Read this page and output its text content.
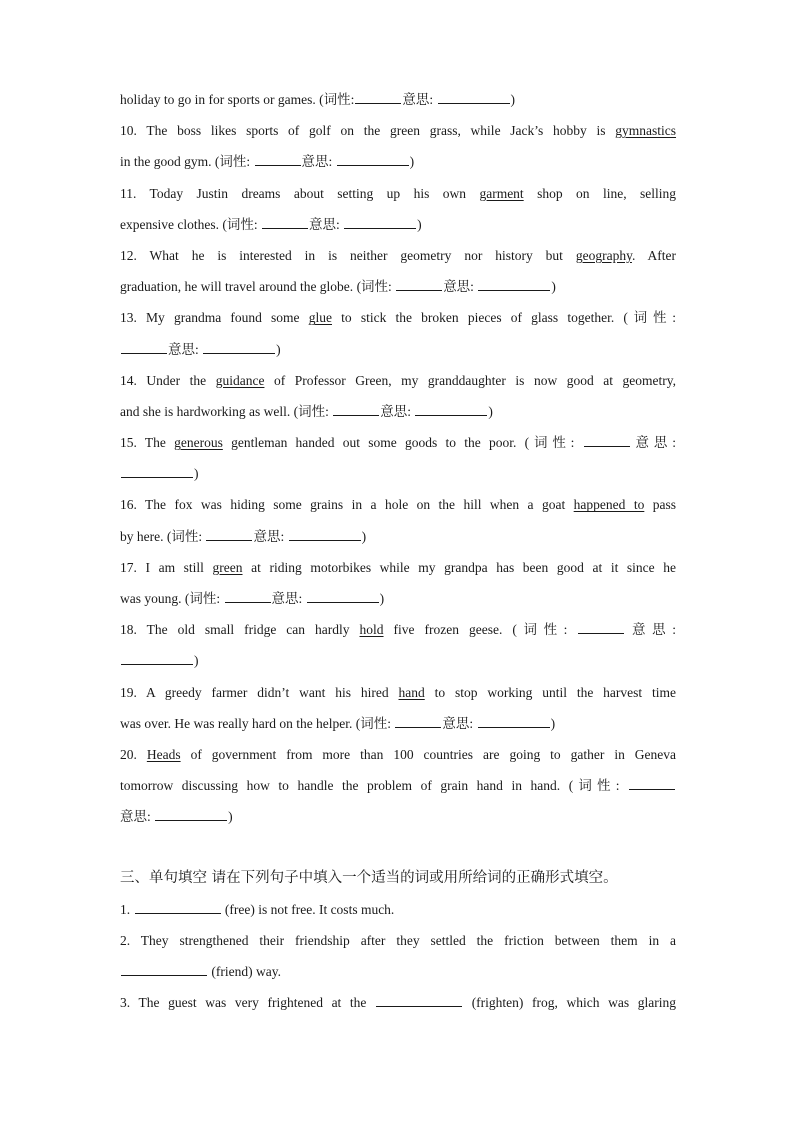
holiday to go in for sports or games. (词性:	意思:	)
10. The boss likes sports of golf on the green grass, while Jack’s hobby is gymnastics
in the good gym. (词性:	意思:	)
11. Today Justin dreams about setting up his own garment shop on line, selling
expensive clothes. (词性:	意思:	)
12. What he is interested in is neither geometry nor history but geography. After
graduation, he will travel around the globe. (词性:	意思:	)
13. My grandma found some glue to stick the broken pieces of glass together. (词性:
意思:	)
14. Under the guidance of Professor Green, my granddaughter is now good at geometry,
and she is hardworking as well. (词性:	意思:	)
15. The generous gentleman handed out some goods to the poor. (词性:	意思:
)
16. The fox was hiding some grains in a hole on the hill when a goat happened to pass
by here. (词性:	意思:	)
17. I am still green at riding motorbikes while my grandpa has been good at it since he
was young. (词性:	意思:	)
18. The old small fridge can hardly hold five frozen geese. (词性:	意思:
)
19. A greedy farmer didn’t want his hired hand to stop working until the harvest time
was over. He was really hard on the helper. (词性:	意思:	)
20. Heads of government from more than 100 countries are going to gather in Geneva
tomorrow discussing how to handle the problem of grain hand in hand. (词性:
意思:	)
三、单句填空 请在下列句子中填入一个适当的词或用所给词的正确形式填空。
1.	(free) is not free. It costs much.
2. They strengthened their friendship after they settled the friction between them in a
(friend) way.
3. The guest was very frightened at the	(frighten) frog, which was glaring
